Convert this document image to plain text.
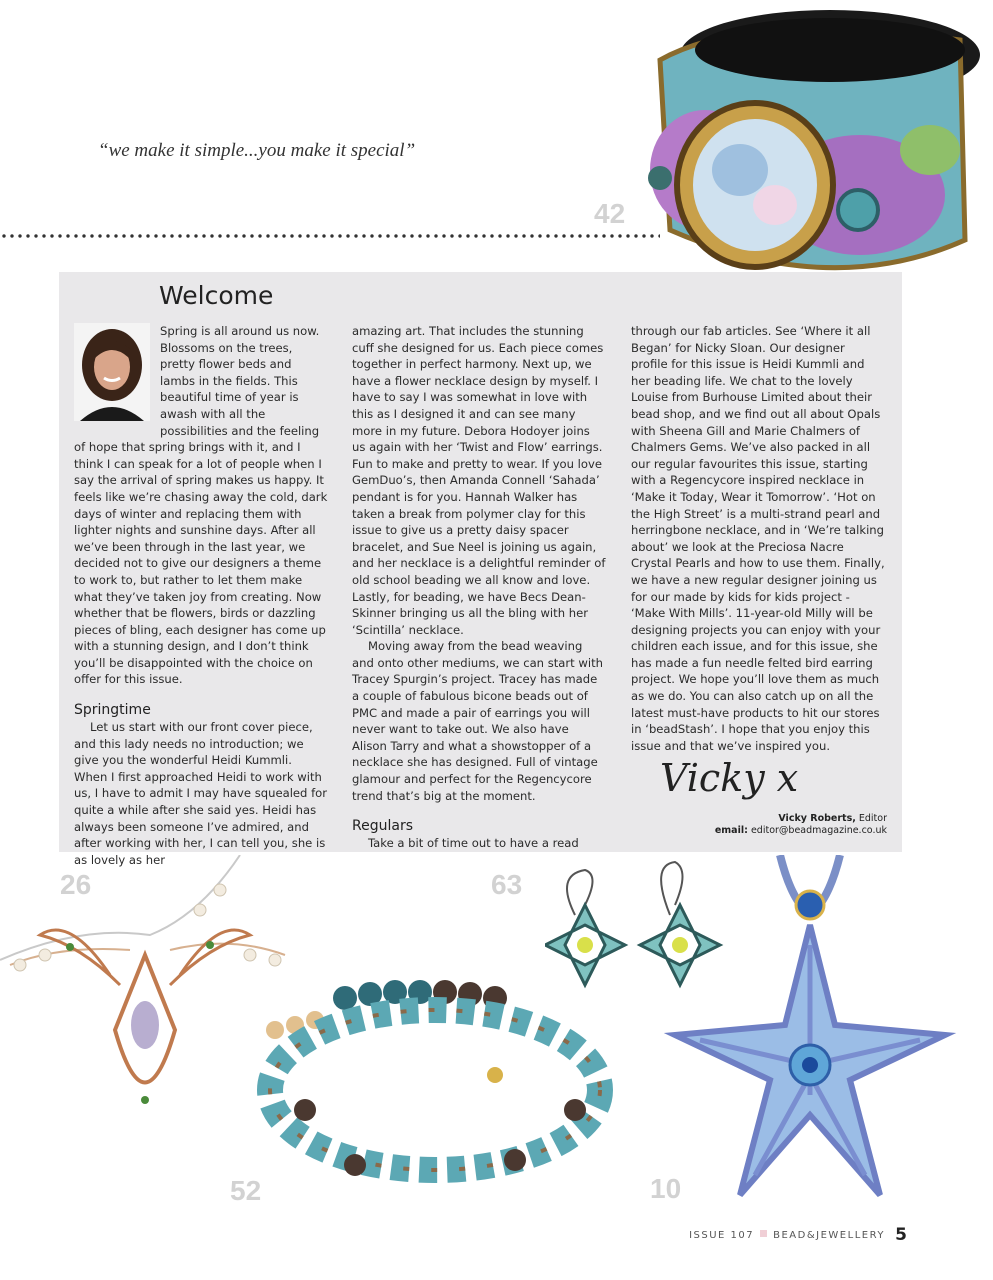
“we make it simple...you make it special”
42
Welcome

Spring is all around us now. Blossoms on the trees, pretty flower beds and lambs in the fields. This beautiful time of year is awash with all the possibilities and the feeling of hope that spring brings with it, and I think I can speak for a lot of people when I say the arrival of spring makes us happy. It feels like we’re chasing away the cold, dark days of winter and replacing them with lighter nights and sunshine days. After all we’ve been through in the last year, we decided not to give our designers a theme to work to, but rather to let them make what they’ve taken joy from creating. Now whether that be flowers, birds or dazzling pieces of bling, each designer has come up with a stunning design, and I don’t think you’ll be disappointed with the choice on offer for this issue.

Springtime

Let us start with our front cover piece, and this lady needs no introduction; we give you the wonderful Heidi Kummli. When I first approached Heidi to work with us, I have to admit I may have squealed for quite a while after she said yes. Heidi has always been someone I’ve admired, and after working with her, I can tell you, she is as lovely as her

amazing art. That includes the stunning cuff she designed for us. Each piece comes together in perfect harmony. Next up, we have a flower necklace design by myself. I have to say I was somewhat in love with this as I designed it and can see many more in my future. Debora Hodoyer joins us again with her ‘Twist and Flow’ earrings. Fun to make and pretty to wear. If you love GemDuo’s, then Amanda Connell ‘Sahada’ pendant is for you. Hannah Walker has taken a break from polymer clay for this issue to give us a pretty daisy spacer bracelet, and Sue Neel is joining us again, and her necklace is a delightful reminder of old school beading we all know and love. Lastly, for beading, we have Becs Dean-Skinner bringing us all the bling with her ‘Scintilla’ necklace.

Moving away from the bead weaving and onto other mediums, we can start with Tracey Spurgin’s project. Tracey has made a couple of fabulous bicone beads out of PMC and made a pair of earrings you will never want to take out. We also have Alison Tarry and what a showstopper of a necklace she has designed. Full of vintage glamour and perfect for the Regencycore trend that’s big at the moment.

Regulars

Take a bit of time out to have a read

through our fab articles. See ‘Where it all Began’ for Nicky Sloan. Our designer profile for this issue is Heidi Kummli and her beading life. We chat to the lovely Louise from Burhouse Limited about their bead shop, and we find out all about Opals with Sheena Gill and Marie Chalmers of Chalmers Gems. We’ve also packed in all our regular favourites this issue, starting with a Regencycore inspired necklace in ‘Make it Today, Wear it Tomorrow’. ‘Hot on the High Street’ is a multi-strand pearl and herringbone necklace, and in ‘We’re talking about’ we look at the Preciosa Nacre Crystal Pearls and how to use them. Finally, we have a new regular designer joining us for our made by kids for kids project - ‘Make With Mills’. 11-year-old Milly will be designing projects you can enjoy with your children each issue, and for this issue, she has made a fun needle felted bird earring project. We hope you’ll love them as much as we do. You can also catch up on all the latest must-have products to hit our stores in ‘beadStash’. I hope that you enjoy this issue and that we’ve inspired you.

Vicky x
Vicky Roberts, Editor
email: editor@beadmagazine.co.uk
26
52
63
10
ISSUE 107 BEAD&JEWELLERY 5
